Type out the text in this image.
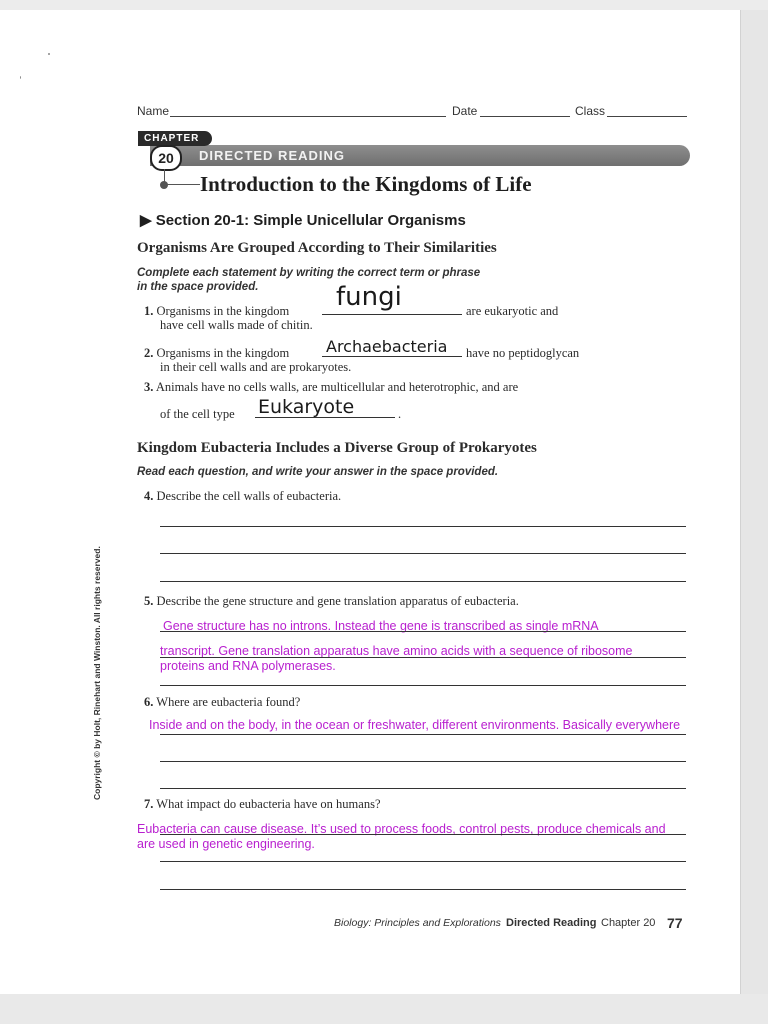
Name	Date	Class
CHAPTER
20	DIRECTED READING
Introduction to the Kingdoms of Life
▶ Section 20-1: Simple Unicellular Organisms
Organisms Are Grouped According to Their Similarities
Complete each statement by writing the correct term or phrase
in the space provided.
1. Organisms in the kingdom fungi	are eukaryotic and
have cell walls made of chitin.
2. Organisms in the kingdom Archaebacteria have no peptidoglycan
in their cell walls and are prokaryotes.
3. Animals have no cells walls, are multicellular and heterotrophic, and are
of the cell type Eukaryote	.
Kingdom Eubacteria Includes a Diverse Group of Prokaryotes
Read each question, and write your answer in the space provided.
4. Describe the cell walls of eubacteria.
5. Describe the gene structure and gene translation apparatus of eubacteria.
Gene structure has no introns. Instead the gene is transcribed as single mRNA
transcript. Gene translation apparatus have amino acids with a sequence of ribosome
proteins and RNA polymerases.
6. Where are eubacteria found?
Inside and on the body, in the ocean or freshwater, different environments. Basically everywhere
7. What impact do eubacteria have on humans?
Eubacteria can cause disease. It’s used to process foods, control pests, produce chemicals and
are used in genetic engineering.
Copyright © by Holt, Rinehart and Winston. All rights reserved.
Biology: Principles and Explorations Directed Reading Chapter 20 77
